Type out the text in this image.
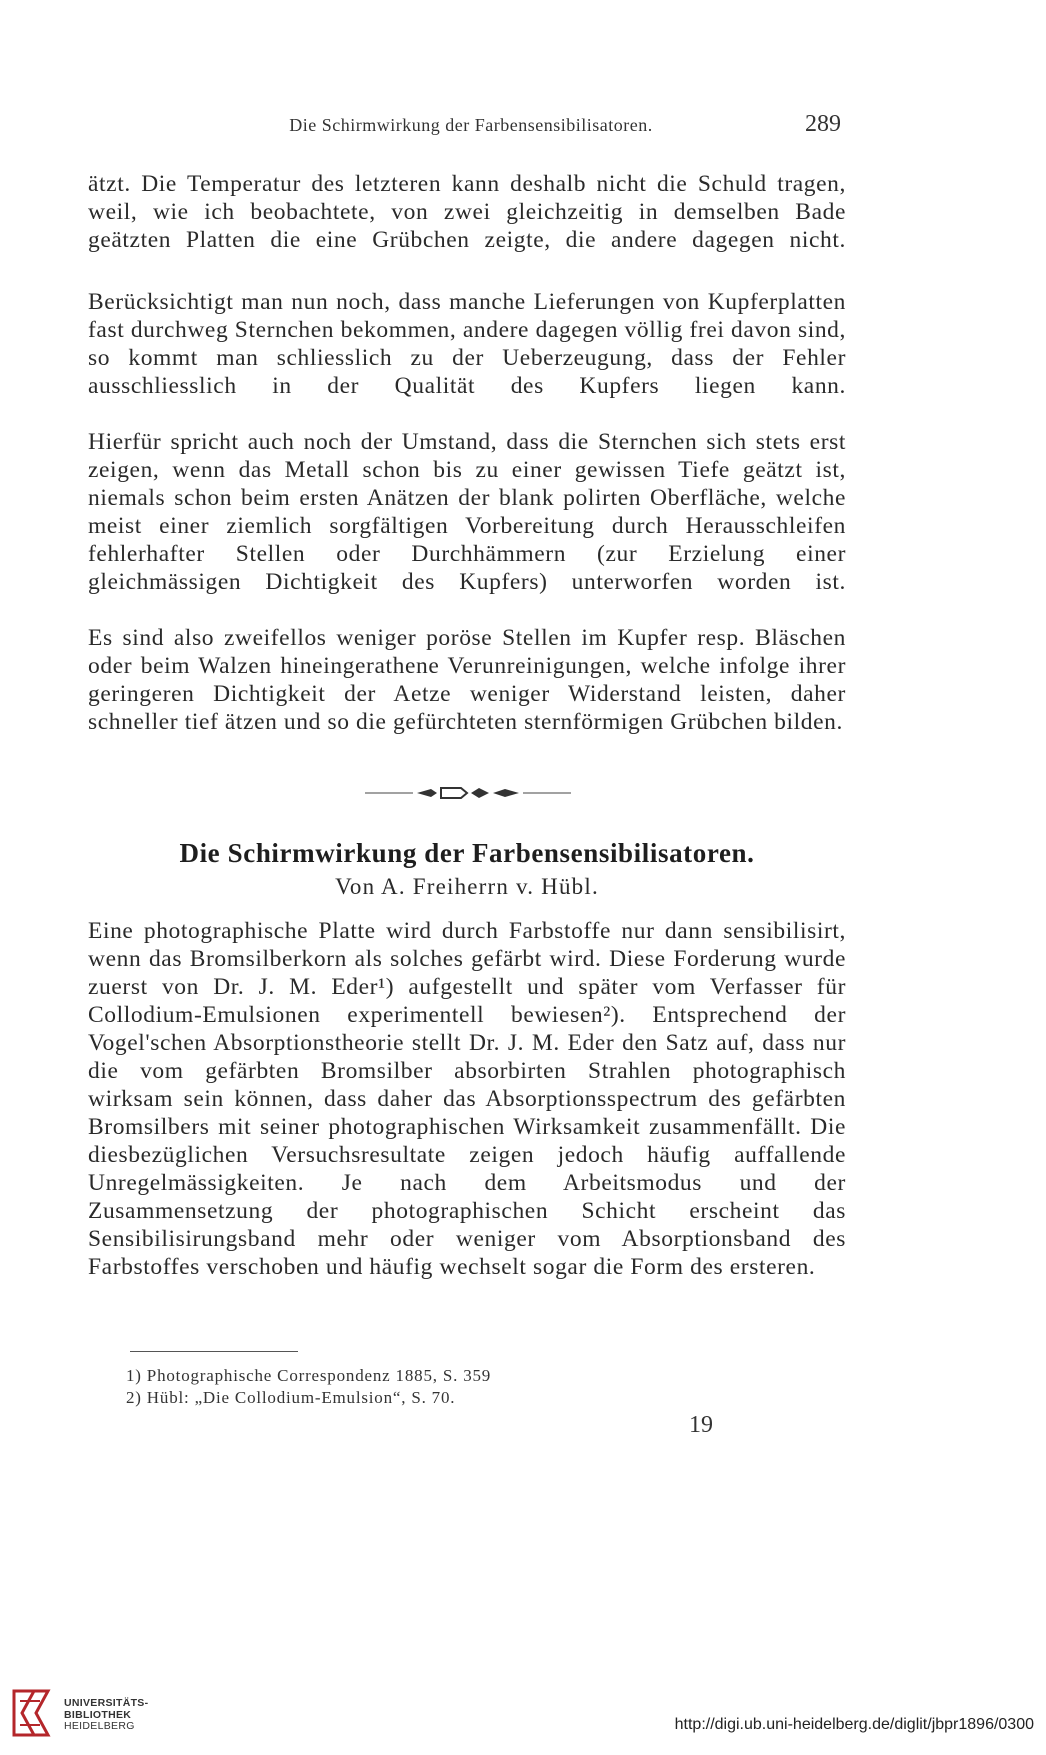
Die Schirmwirkung der Farbensensibilisatoren.	289

ätzt. Die Temperatur des letzteren kann deshalb nicht die Schuld tragen, weil, wie ich beobachtete, von zwei gleichzeitig in demselben Bade geätzten Platten die eine Grübchen zeigte, die andere dagegen nicht.

Berücksichtigt man nun noch, dass manche Lieferungen von Kupferplatten fast durchweg Sternchen bekommen, andere dagegen völlig frei davon sind, so kommt man schliesslich zu der Ueberzeugung, dass der Fehler ausschliesslich in der Qualität des Kupfers liegen kann.

Hierfür spricht auch noch der Umstand, dass die Sternchen sich stets erst zeigen, wenn das Metall schon bis zu einer gewissen Tiefe geätzt ist, niemals schon beim ersten Anätzen der blank polirten Oberfläche, welche meist einer ziemlich sorgfältigen Vorbereitung durch Herausschleifen fehlerhafter Stellen oder Durchhämmern (zur Erzielung einer gleichmässigen Dichtigkeit des Kupfers) unterworfen worden ist.

Es sind also zweifellos weniger poröse Stellen im Kupfer resp. Bläschen oder beim Walzen hineingerathene Verunreinigungen, welche infolge ihrer geringeren Dichtigkeit der Aetze weniger Widerstand leisten, daher schneller tief ätzen und so die gefürchteten sternförmigen Grübchen bilden.

Die Schirmwirkung der Farbensensibilisatoren.
Von A. Freiherrn v. Hübl.

Eine photographische Platte wird durch Farbstoffe nur dann sensibilisirt, wenn das Bromsilberkorn als solches gefärbt wird. Diese Forderung wurde zuerst von Dr. J. M. Eder¹) aufgestellt und später vom Verfasser für Collodium-Emulsionen experimentell bewiesen²). Entsprechend der Vogel'schen Absorptionstheorie stellt Dr. J. M. Eder den Satz auf, dass nur die vom gefärbten Bromsilber absorbirten Strahlen photographisch wirksam sein können, dass daher das Absorptionsspectrum des gefärbten Bromsilbers mit seiner photographischen Wirksamkeit zusammenfällt. Die diesbezüglichen Versuchsresultate zeigen jedoch häufig auffallende Unregelmässigkeiten. Je nach dem Arbeitsmodus und der Zusammensetzung der photographischen Schicht erscheint das Sensibilisirungsband mehr oder weniger vom Absorptionsband des Farbstoffes verschoben und häufig wechselt sogar die Form des ersteren.

1) Photographische Correspondenz 1885, S. 359
2) Hübl: „Die Collodium-Emulsion“, S. 70.
19
UNIVERSITÄTS-
BIBLIOTHEK
HEIDELBERG	http://digi.ub.uni-heidelberg.de/diglit/jbpr1896/0300
